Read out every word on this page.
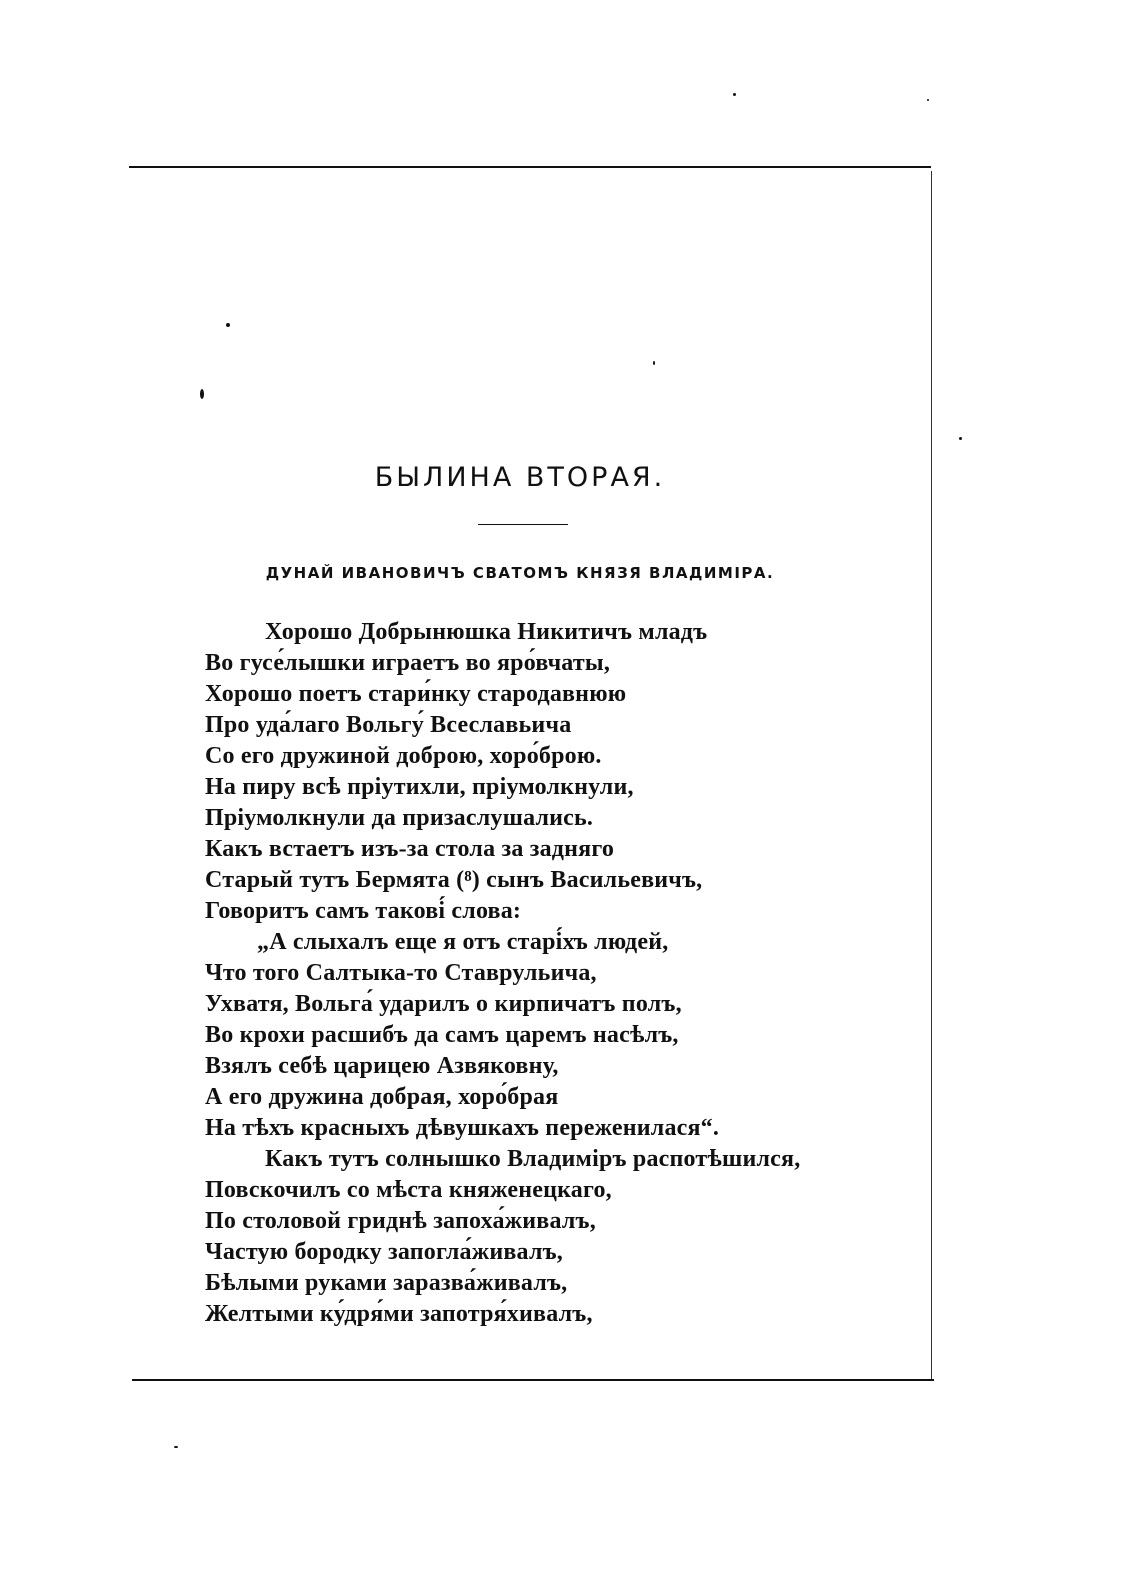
БЫЛИНА ВТОРАЯ.
ДУНАЙ ИВАНОВИЧЪ СВАТОМЪ КНЯЗЯ ВЛАДИМІРА.
Хорошо Добрынюшка Никитичъ младъ
Во гусе́лышки играетъ во яро́вчаты,
Хорошо поетъ стари́нку стародавнюю
Про уда́лаго Вольгу́ Всеславьича
Со его дружиной доброю, хоро́брою.
На пиру всѣ пріутихли, пріумолкнули,
Пріумолкнули да призаслушались.
Какъ встаетъ изъ-за стола за задняго
Старый тутъ Бермята (⁸) сынъ Васильевичъ,
Говоритъ самъ такові́ слова:
„А слыхалъ еще я отъ старі́хъ людей,
Что того Салтыка-то Ставрульича,
Ухватя, Вольга́ ударилъ о кирпичатъ полъ,
Во крохи расшибъ да самъ царемъ насѣлъ,
Взялъ себѣ царицею Азвяковну,
А его дружина добрая, хоро́брая
На тѣхъ красныхъ дѣвушкахъ переженилася“.
Какъ тутъ солнышко Владиміръ распотѣшился,
Повскочилъ со мѣста княженецкаго,
По столовой гриднѣ запоха́живалъ,
Частую бородку запогла́живалъ,
Бѣлыми руками заразва́живалъ,
Желтыми ку́дря́ми запотря́хивалъ,
